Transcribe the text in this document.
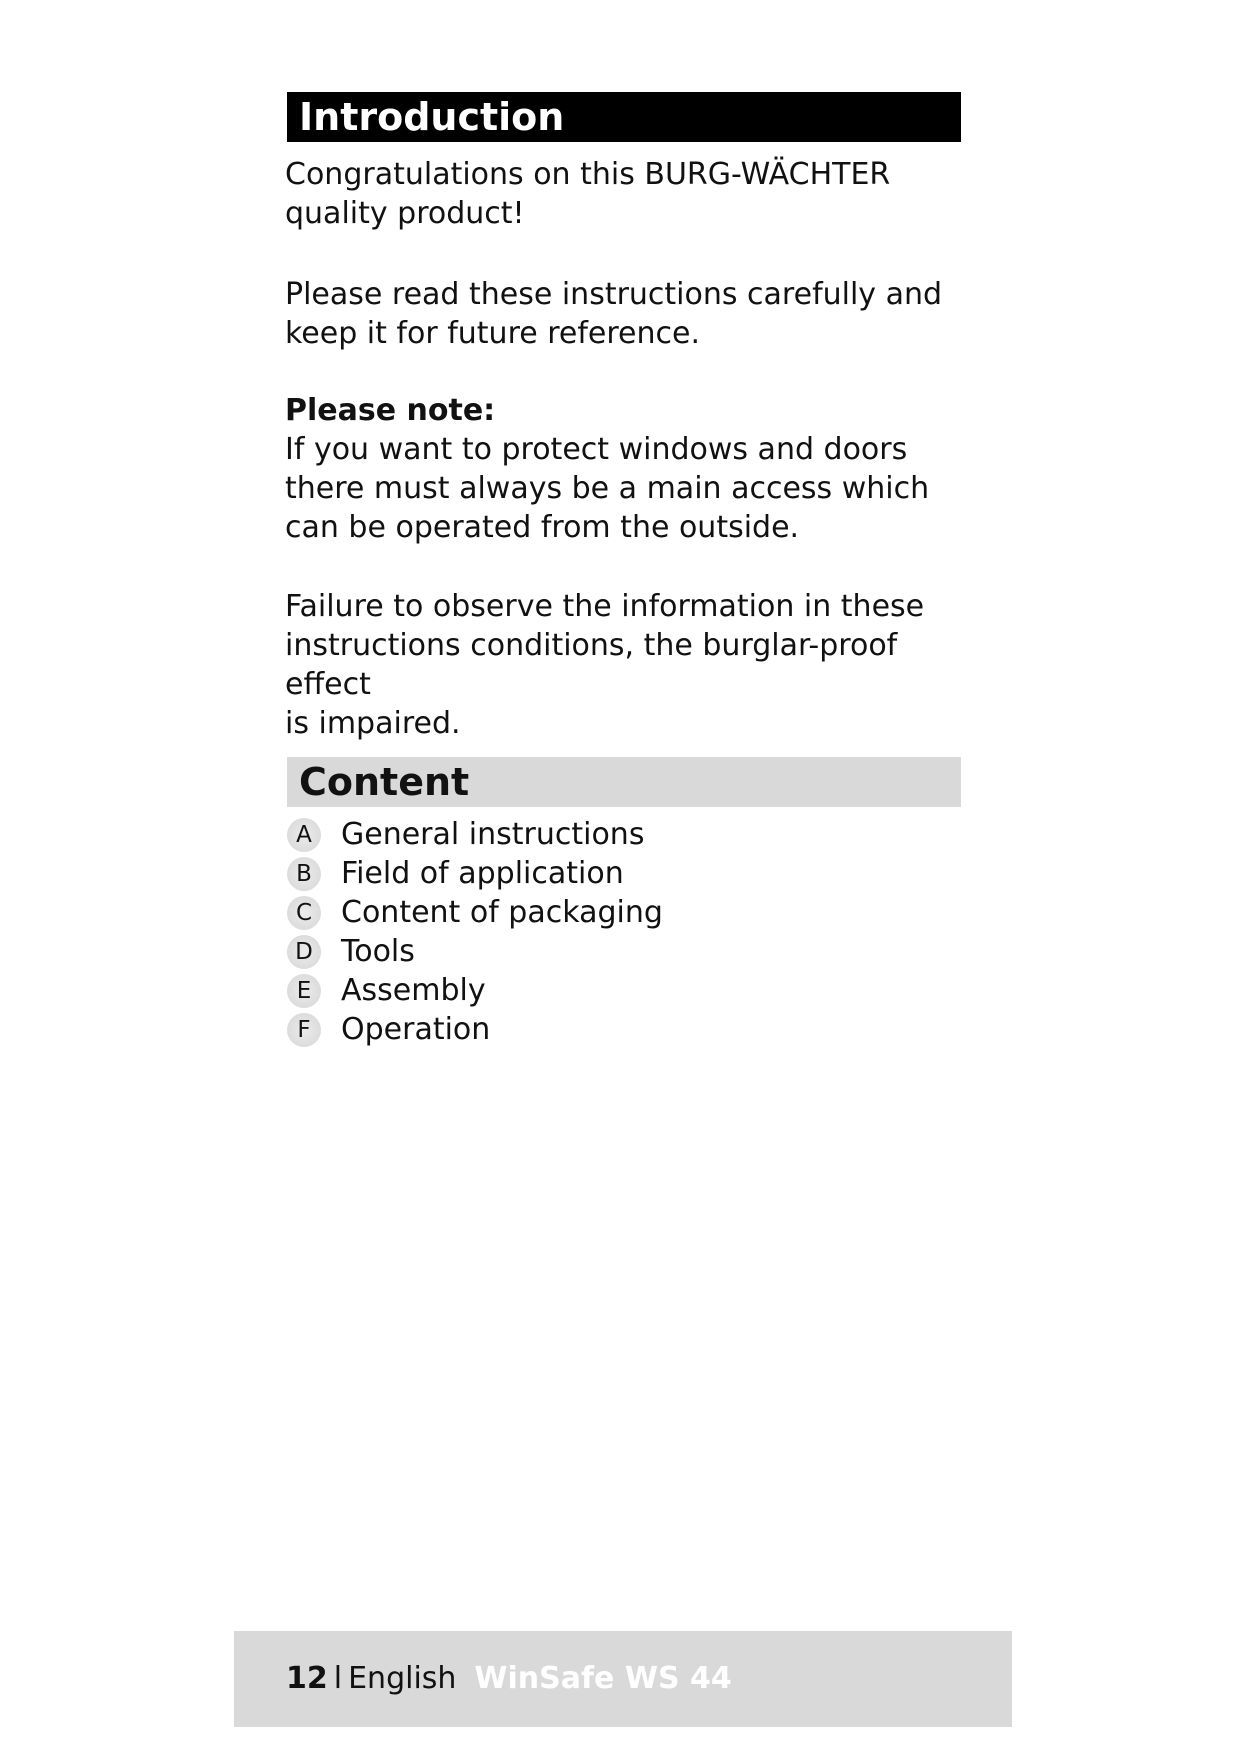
Introduction
Congratulations on this BURG-WÄCHTER
quality product!
Please read these instructions carefully and
keep it for future reference.
Please note:
If you want to protect windows and doors
there must always be a main access which
can be operated from the outside.
Failure to observe the information in these
instructions conditions, the burglar-proof effect
is impaired.
Content
A General instructions
B Field of application
C Content of packaging
D Tools
E Assembly
F	Operation
12 l English WinSafe WS 44
